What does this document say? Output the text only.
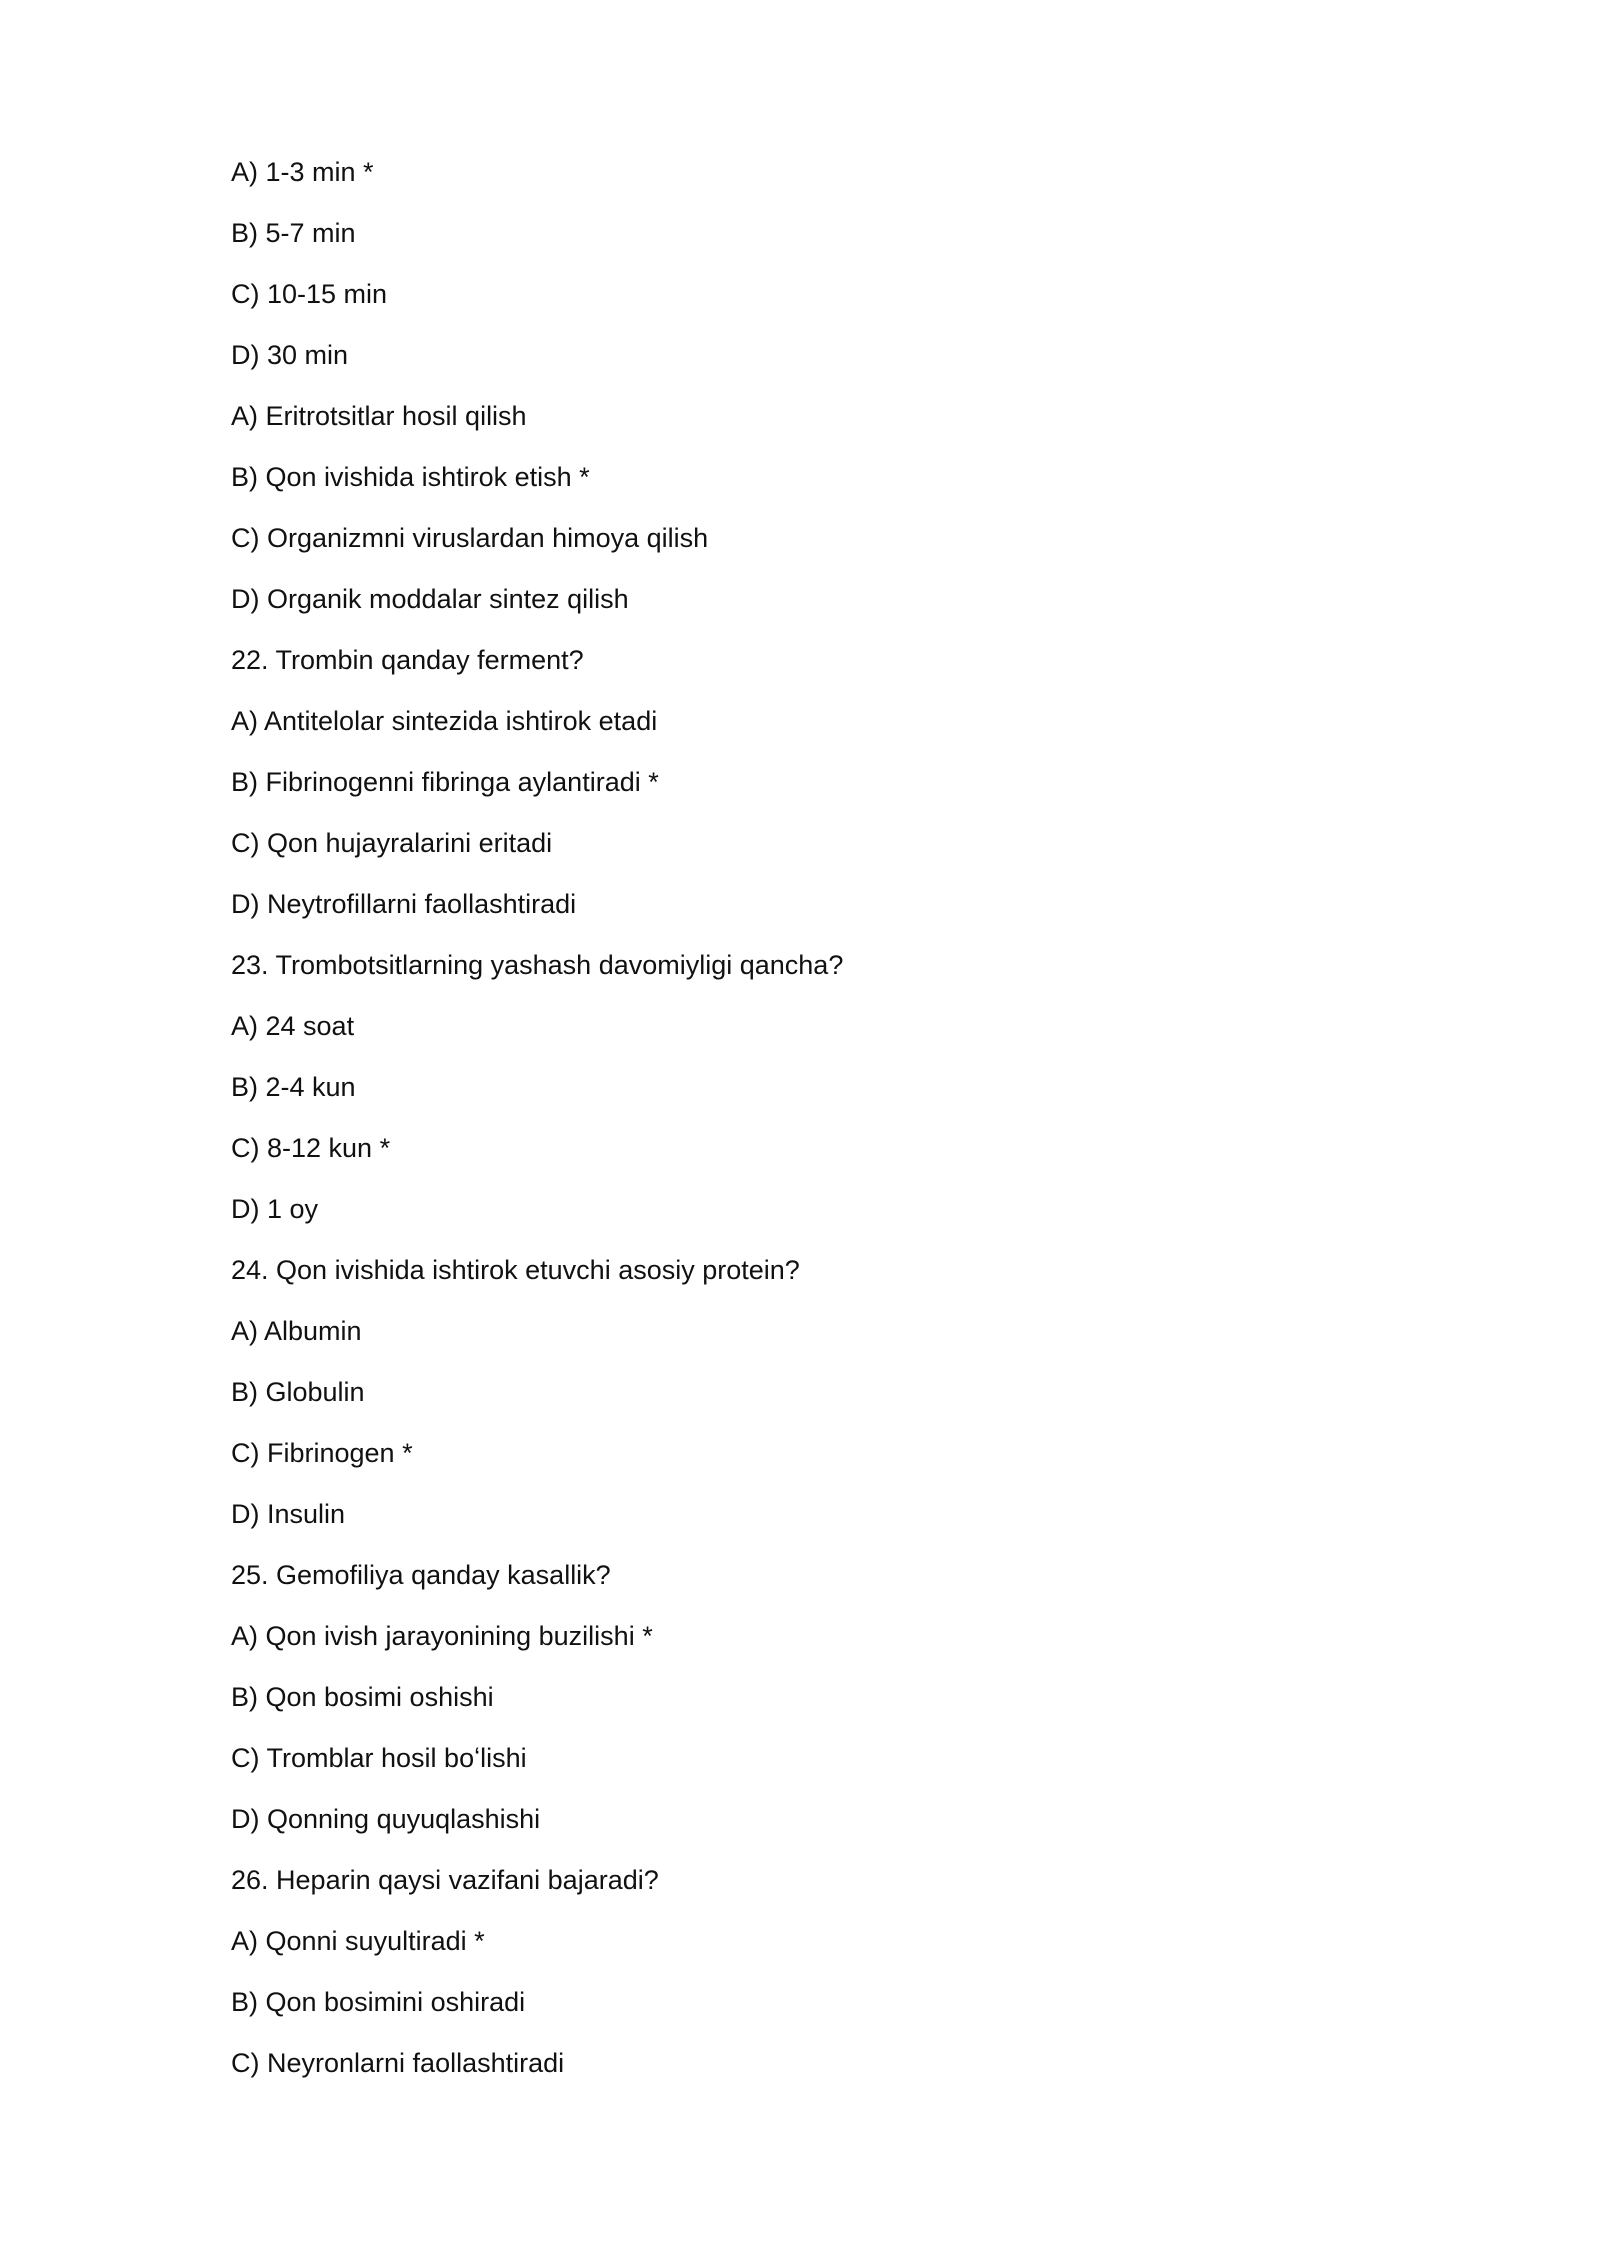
A) 1-3 min *
B) 5-7 min
C) 10-15 min
D) 30 min
A) Eritrotsitlar hosil qilish
B) Qon ivishida ishtirok etish *
C) Organizmni viruslardan himoya qilish
D) Organik moddalar sintez qilish
22. Trombin qanday ferment?
A) Antitelolar sintezida ishtirok etadi
B) Fibrinogenni fibringa aylantiradi *
C) Qon hujayralarini eritadi
D) Neytrofillarni faollashtiradi
23. Trombotsitlarning yashash davomiyligi qancha?
A) 24 soat
B) 2-4 kun
C) 8-12 kun *
D) 1 oy
24. Qon ivishida ishtirok etuvchi asosiy protein?
A) Albumin
B) Globulin
C) Fibrinogen *
D) Insulin
25. Gemofiliya qanday kasallik?
A) Qon ivish jarayonining buzilishi *
B) Qon bosimi oshishi
C) Tromblar hosil boʻlishi
D) Qonning quyuqlashishi
26. Heparin qaysi vazifani bajaradi?
A) Qonni suyultiradi *
B) Qon bosimini oshiradi
C) Neyronlarni faollashtiradi
